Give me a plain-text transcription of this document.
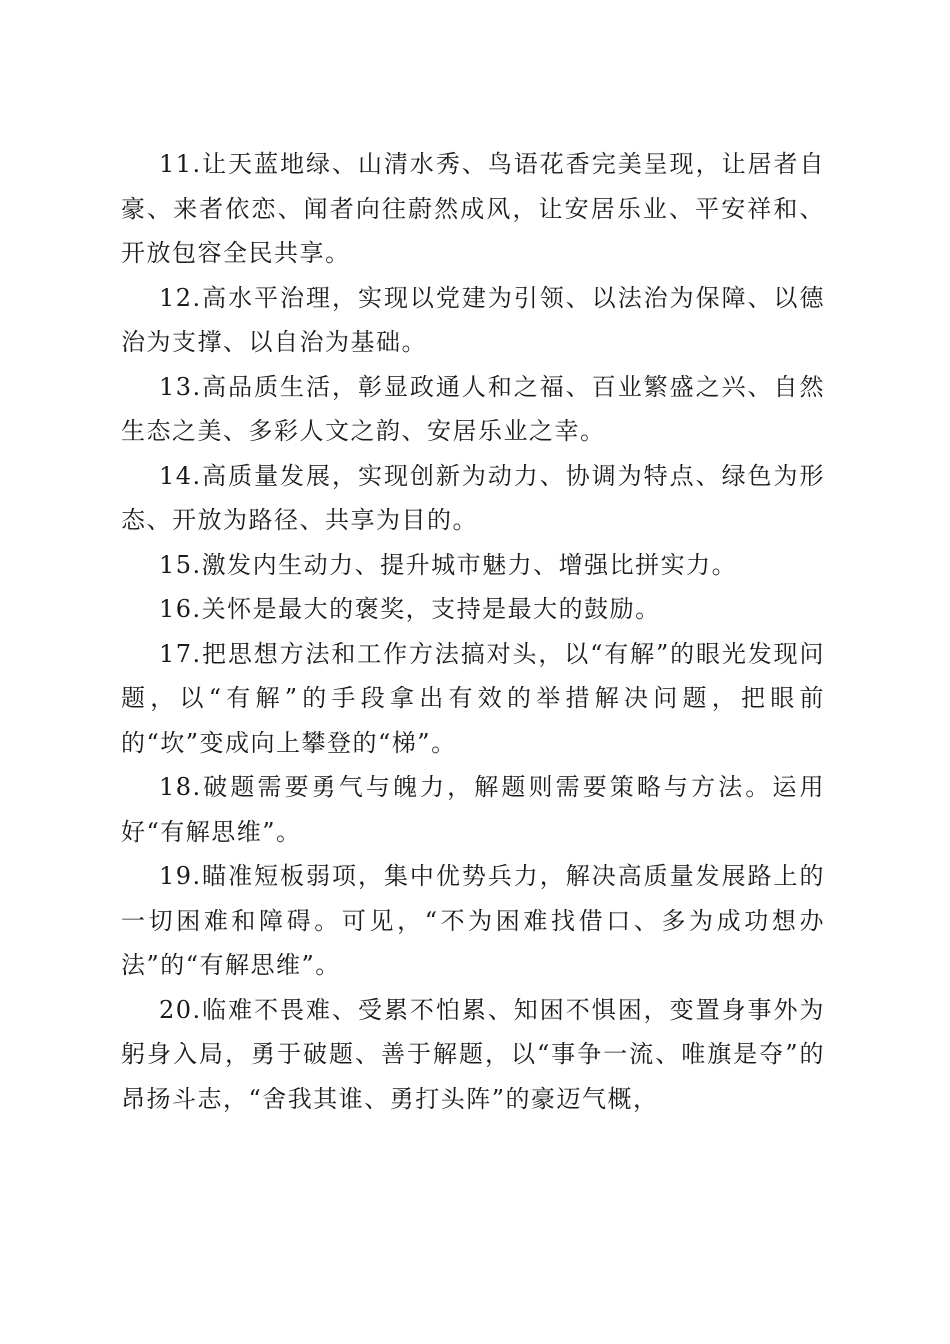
11.让天蓝地绿、山清水秀、鸟语花香完美呈现，让居者自豪、来者依恋、闻者向往蔚然成风，让安居乐业、平安祥和、开放包容全民共享。

12.高水平治理，实现以党建为引领、以法治为保障、以德治为支撑、以自治为基础。

13.高品质生活，彰显政通人和之福、百业繁盛之兴、自然生态之美、多彩人文之韵、安居乐业之幸。

14.高质量发展，实现创新为动力、协调为特点、绿色为形态、开放为路径、共享为目的。

15.激发内生动力、提升城市魅力、增强比拼实力。

16.关怀是最大的褒奖，支持是最大的鼓励。

17.把思想方法和工作方法搞对头，以“有解”的眼光发现问题，以“有解”的手段拿出有效的举措解决问题，把眼前的“坎”变成向上攀登的“梯”。

18.破题需要勇气与魄力，解题则需要策略与方法。运用好“有解思维”。

19.瞄准短板弱项，集中优势兵力，解决高质量发展路上的一切困难和障碍。可见，“不为困难找借口、多为成功想办法”的“有解思维”。

20.临难不畏难、受累不怕累、知困不惧困，变置身事外为躬身入局，勇于破题、善于解题，以“事争一流、唯旗是夺”的昂扬斗志，“舍我其谁、勇打头阵”的豪迈气概，
